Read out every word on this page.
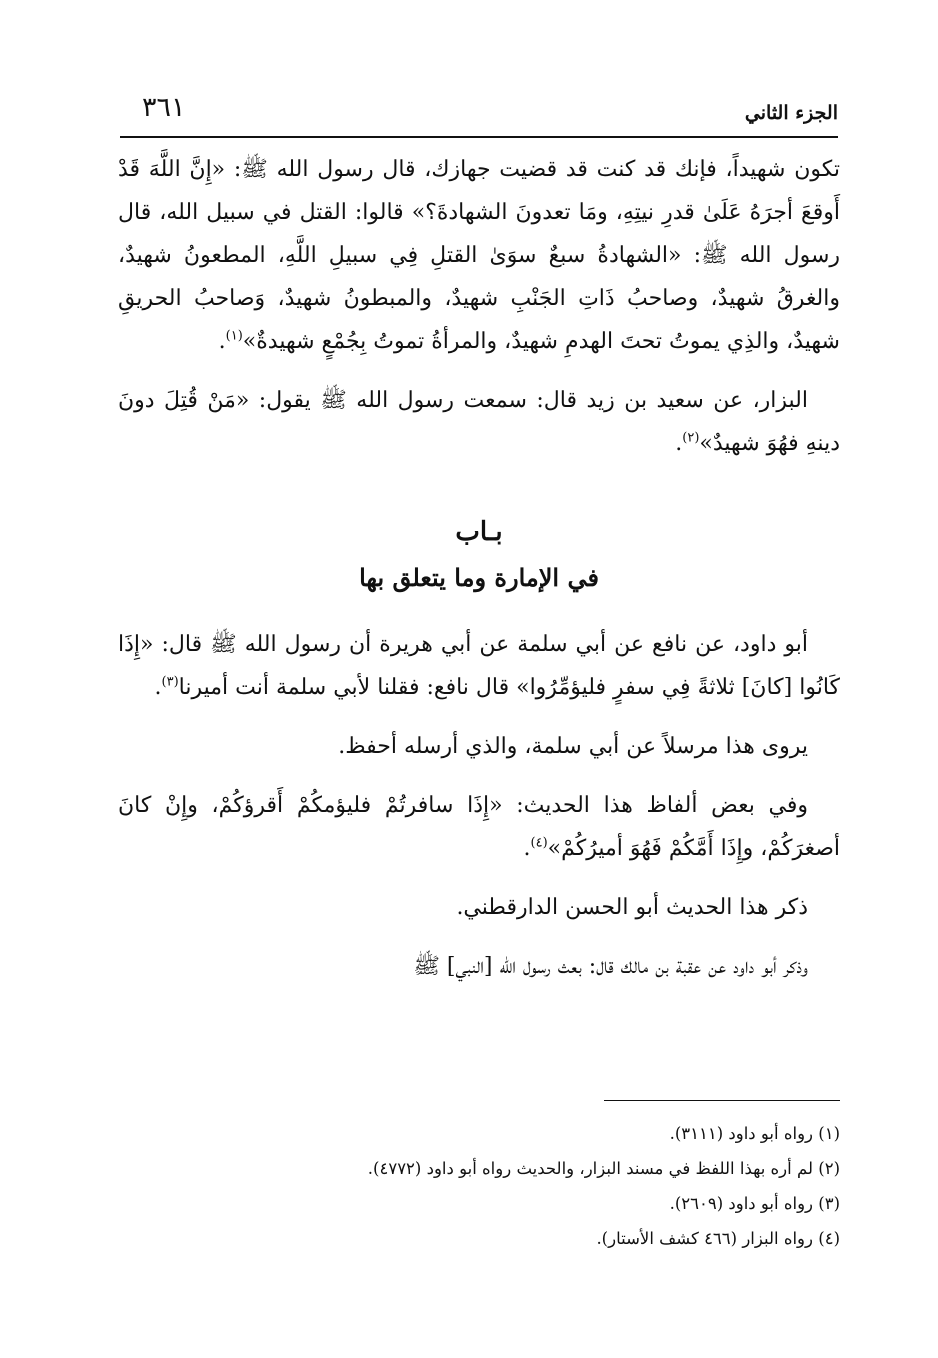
الجزء الثاني
٣٦١

تكون شهيداً، فإنك قد كنت قد قضيت جهازك، قال رسول الله ﷺ: «إِنَّ اللَّهَ قَدْ أَوقعَ أجرَهُ عَلَىٰ قدرِ نيتِهِ، ومَا تعدونَ الشهادةَ؟» قالوا: القتل في سبيل الله، قال رسول الله ﷺ: «الشهادةُ سبعٌ سوَىٰ القتلِ فِي سبيلِ اللَّهِ، المطعونُ شهيدٌ، والغرقُ شهيدٌ، وصاحبُ ذَاتِ الجَنْبِ شهيدٌ، والمبطونُ شهيدٌ، وَصاحبُ الحريقِ شهيدٌ، والذِي يموتُ تحتَ الهدمِ شهيدٌ، والمرأةُ تموتُ بِجُمْعٍ شهيدةٌ»$^{(١)}$.

البزار، عن سعيد بن زيد قال: سمعت رسول الله ﷺ يقول: «مَنْ قُتِلَ دونَ دينهِ فهُوَ شهيدٌ»$^{(٢)}$.

بـاب
في الإمارة وما يتعلق بها

أبو داود، عن نافع عن أبي سلمة عن أبي هريرة أن رسول الله ﷺ قال: «إِذَا كَانُوا [كانَ] ثلاثةً فِي سفرٍ فليؤمِّرُوا» قال نافع: فقلنا لأبي سلمة أنت أميرنا$^{(٣)}$.

يروى هذا مرسلاً عن أبي سلمة، والذي أرسله أحفظ.

وفي بعض ألفاظ هذا الحديث: «إِذَا سافرتُمْ فليؤمكُمْ أَقرؤكُمْ، وإِنْ كانَ أصغرَكُمْ، وإِذَا أَمَّكُمْ فَهُوَ أميرُكُمْ»$^{(٤)}$.

ذكر هذا الحديث أبو الحسن الدارقطني.

وذكر أبو داود عن عقبة بن مالك قال: بعث رسول الله [النبي] ﷺ

(١) رواه أبو داود (٣١١١).

(٢) لم أره بهذا اللفظ في مسند البزار، والحديث رواه أبو داود (٤٧٧٢).

(٣) رواه أبو داود (٢٦٠٩).

(٤) رواه البزار (٤٦٦ كشف الأستار).
